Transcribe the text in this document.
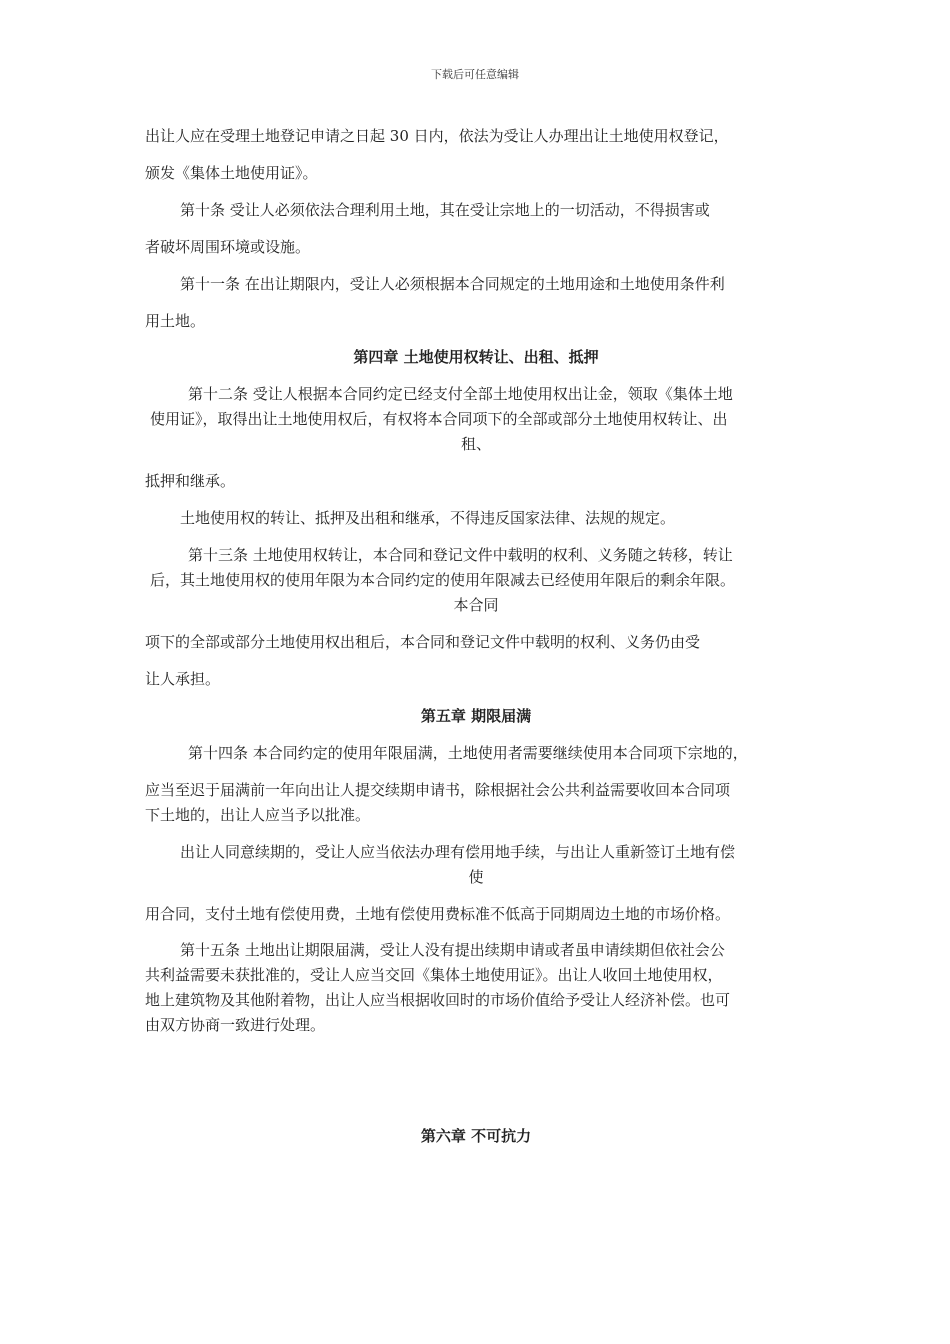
下载后可任意编辑
出让人应在受理土地登记申请之日起 30 日内，依法为受让人办理出让土地使用权登记，
颁发《集体土地使用证》。
第十条 受让人必须依法合理利用土地，其在受让宗地上的一切活动，不得损害或
者破坏周围环境或设施。
第十一条 在出让期限内，受让人必须根据本合同规定的土地用途和土地使用条件利
用土地。
第四章 土地使用权转让、出租、抵押
第十二条 受让人根据本合同约定已经支付全部土地使用权出让金，领取《集体土地
使用证》，取得出让土地使用权后，有权将本合同项下的全部或部分土地使用权转让、出
租、
抵押和继承。
土地使用权的转让、抵押及出租和继承，不得违反国家法律、法规的规定。
第十三条 土地使用权转让，本合同和登记文件中载明的权利、义务随之转移，转让
后，其土地使用权的使用年限为本合同约定的使用年限减去已经使用年限后的剩余年限。
本合同
项下的全部或部分土地使用权出租后，本合同和登记文件中载明的权利、义务仍由受
让人承担。
第五章 期限届满
第十四条 本合同约定的使用年限届满，土地使用者需要继续使用本合同项下宗地的，
应当至迟于届满前一年向出让人提交续期申请书，除根据社会公共利益需要收回本合同项
下土地的，出让人应当予以批准。
出让人同意续期的，受让人应当依法办理有偿用地手续，与出让人重新签订土地有偿
使
用合同，支付土地有偿使用费，土地有偿使用费标准不低高于同期周边土地的市场价格。
第十五条 土地出让期限届满，受让人没有提出续期申请或者虽申请续期但依社会公
共利益需要未获批准的，受让人应当交回《集体土地使用证》。出让人收回土地使用权，
地上建筑物及其他附着物，出让人应当根据收回时的市场价值给予受让人经济补偿。也可
由双方协商一致进行处理。
第六章 不可抗力
